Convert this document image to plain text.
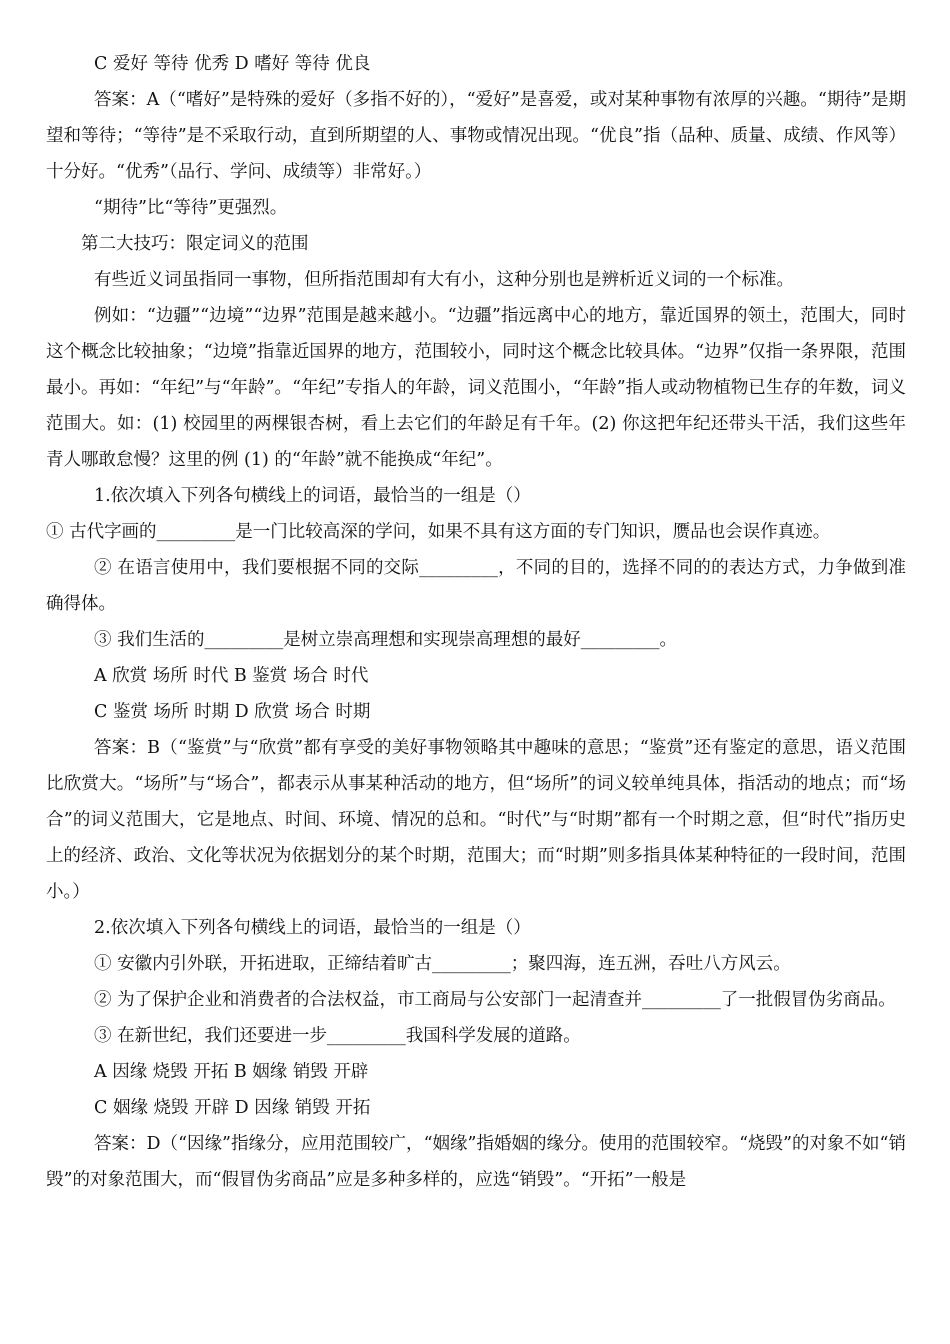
C 爱好 等待 优秀 D 嗜好 等待 优良

答案：A（“嗜好”是特殊的爱好（多指不好的），“爱好”是喜爱，或对某种事物有浓厚的兴趣。“期待”是期望和等待；“等待”是不采取行动，直到所期望的人、事物或情况出现。“优良”指（品种、质量、成绩、作风等）十分好。“优秀”（品行、学问、成绩等）非常好。）

“期待”比“等待”更强烈。

第二大技巧：限定词义的范围

有些近义词虽指同一事物，但所指范围却有大有小，这种分别也是辨析近义词的一个标准。

例如：“边疆”“边境”“边界”范围是越来越小。“边疆”指远离中心的地方，靠近国界的领土，范围大，同时这个概念比较抽象；“边境”指靠近国界的地方，范围较小，同时这个概念比较具体。“边界”仅指一条界限，范围最小。再如：“年纪”与“年龄”。“年纪”专指人的年龄，词义范围小，“年龄”指人或动物植物已生存的年数，词义范围大。如：(1) 校园里的两棵银杏树，看上去它们的年龄足有千年。(2) 你这把年纪还带头干活，我们这些年青人哪敢怠慢？这里的例 (1) 的“年龄”就不能换成“年纪”。

1.依次填入下列各句横线上的词语，最恰当的一组是（）

① 古代字画的_________是一门比较高深的学问，如果不具有这方面的专门知识，赝品也会误作真迹。

② 在语言使用中，我们要根据不同的交际_________，不同的目的，选择不同的的表达方式，力争做到准确得体。

③ 我们生活的_________是树立崇高理想和实现崇高理想的最好_________。

A 欣赏 场所 时代 B 鉴赏 场合 时代

C 鉴赏 场所 时期 D 欣赏 场合 时期

答案：B（“鉴赏”与“欣赏”都有享受的美好事物领略其中趣味的意思；“鉴赏”还有鉴定的意思，语义范围比欣赏大。“场所”与“场合”，都表示从事某种活动的地方，但“场所”的词义较单纯具体，指活动的地点；而“场合”的词义范围大，它是地点、时间、环境、情况的总和。“时代”与“时期”都有一个时期之意，但“时代”指历史上的经济、政治、文化等状况为依据划分的某个时期，范围大；而“时期”则多指具体某种特征的一段时间，范围小。）

2.依次填入下列各句横线上的词语，最恰当的一组是（）

① 安徽内引外联，开拓进取，正缔结着旷古_________；聚四海，连五洲，吞吐八方风云。

② 为了保护企业和消费者的合法权益，市工商局与公安部门一起清查并_________了一批假冒伪劣商品。

③ 在新世纪，我们还要进一步_________我国科学发展的道路。

A 因缘 烧毁 开拓 B 姻缘 销毁 开辟

C 姻缘 烧毁 开辟 D 因缘 销毁 开拓

答案：D（“因缘”指缘分，应用范围较广，“姻缘”指婚姻的缘分。使用的范围较窄。“烧毁”的对象不如“销毁”的对象范围大，而“假冒伪劣商品”应是多种多样的，应选“销毁”。“开拓”一般是
